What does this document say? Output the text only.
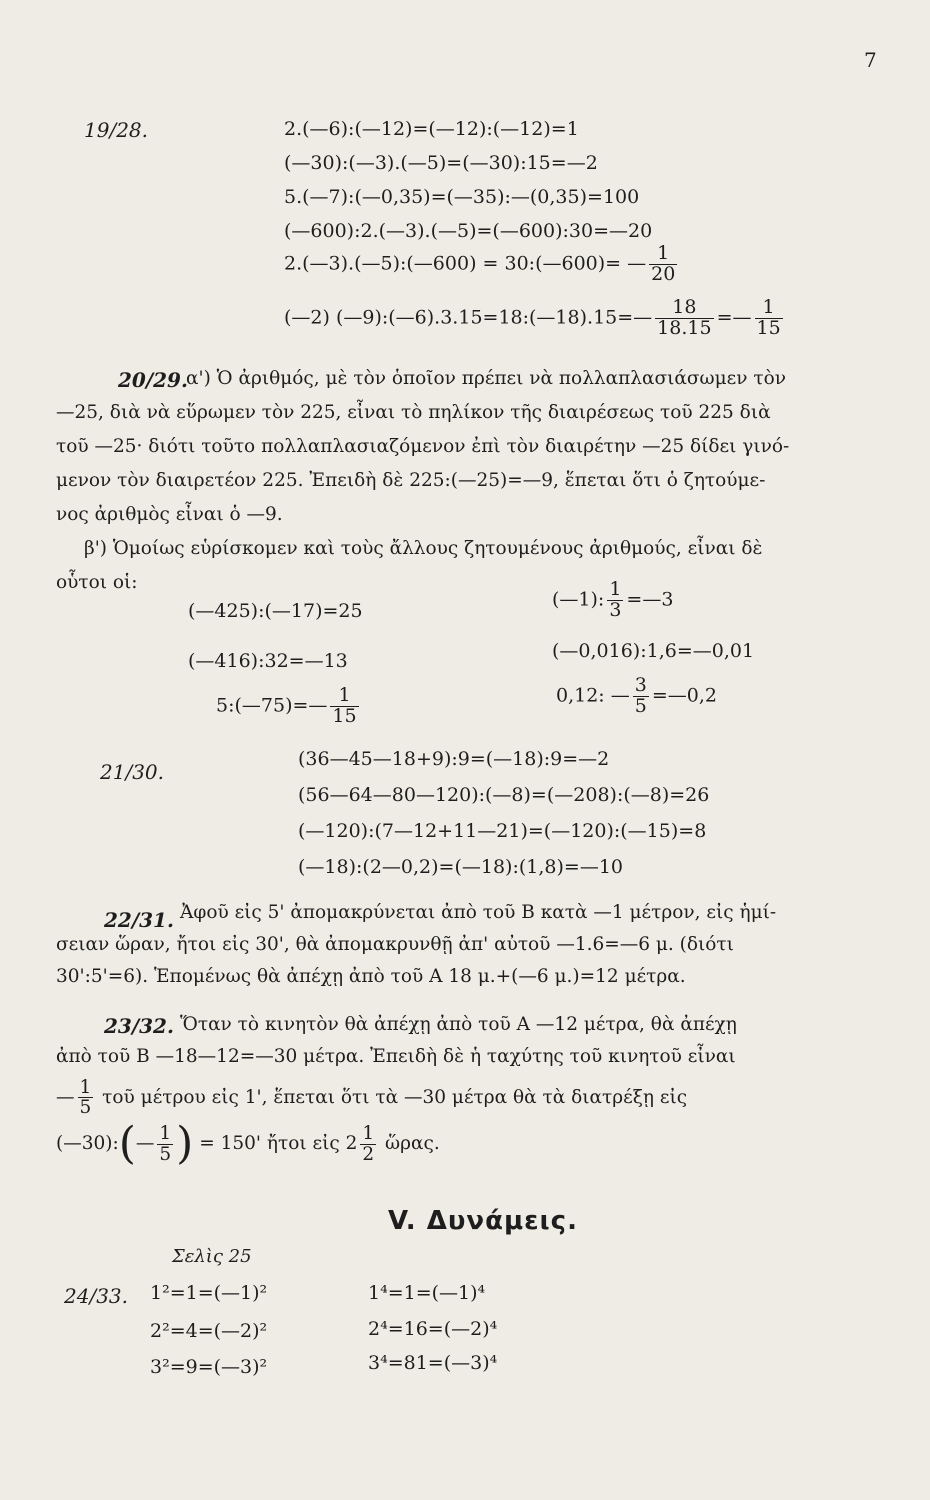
7
19/28.	2.(—6):(—12)=(—12):(—12)=1
(—30):(—3).(—5)=(—30):15=—2
5.(—7):(—0,35)=(—35):—(0,35)=100
(—600):2.(—3).(—5)=(—600):30=—20
2.(—3).(—5):(—600) = 30:(—600)= — $\frac{1}{20}$
(—2) (—9):(—6).3.15=18:(—18).15=— $\frac{18}{18.15}$ =— $\frac{1}{15}$
20/29.
α') Ὁ ἀριθμός, μὲ τὸν ὁποῖον πρέπει νὰ πολλαπλασιάσωμεν τὸν
—25, διὰ νὰ εὕρωμεν τὸν 225, εἶναι τὸ πηλίκον τῆς διαιρέσεως τοῦ 225 διὰ
τοῦ —25· διότι τοῦτο πολλαπλασιαζόμενον ἐπὶ τὸν διαιρέτην —25 δίδει γινό-
μενον τὸν διαιρετέον 225. Ἐπειδὴ δὲ 225:(—25)=—9, ἕπεται ὅτι ὁ ζητούμε-
νος ἀριθμὸς εἶναι ὁ —9.
β') Ὁμοίως εὑρίσκομεν καὶ τοὺς ἄλλους ζητουμένους ἀριθμούς, εἶναι δὲ
οὗτοι οἱ:
(—425):(—17)=25
(—416):32=—13
5:(—75)=— $\frac{1}{15}$
(—1): $\frac{1}{3}$ =—3
(—0,016):1,6=—0,01
0,12: — $\frac{3}{5}$ =—0,2
21/30.
(36—45—18+9):9=(—18):9=—2
(56—64—80—120):(—8)=(—208):(—8)=26
(—120):(7—12+11—21)=(—120):(—15)=8
(—18):(2—0,2)=(—18):(1,8)=—10
22/31. Ἀφοῦ εἰς 5' ἀπομακρύνεται ἀπὸ τοῦ Β κατὰ —1 μέτρον, εἰς ἡμί-
σειαν ὥραν, ἤτοι εἰς 30', θὰ ἀπομακρυνθῇ ἀπ' αὐτοῦ —1.6=—6 μ. (διότι
30':5'=6). Ἑπομένως θὰ ἀπέχῃ ἀπὸ τοῦ Α 18 μ.+(—6 μ.)=12 μέτρα.
23/32. Ὅταν τὸ κινητὸν θὰ ἀπέχῃ ἀπὸ τοῦ Α —12 μέτρα, θὰ ἀπέχῃ
ἀπὸ τοῦ Β —18—12=—30 μέτρα. Ἐπειδὴ δὲ ἡ ταχύτης τοῦ κινητοῦ εἶναι
— $\frac{1}{5}$ τοῦ μέτρου εἰς 1', ἕπεται ὅτι τὰ —30 μέτρα θὰ τὰ διατρέξῃ εἰς
(—30):(— $\frac{1}{5}$ ) = 150' ἤτοι εἰς $2 \frac{1}{2}$ ὥρας.
V. Δυνάμεις.
Σελὶς 25
24/33. 1²=1=(—1)²
2²=4=(—2)²
3²=9=(—3)²
1⁴=1=(—1)⁴
2⁴=16=(—2)⁴
3⁴=81=(—3)⁴
